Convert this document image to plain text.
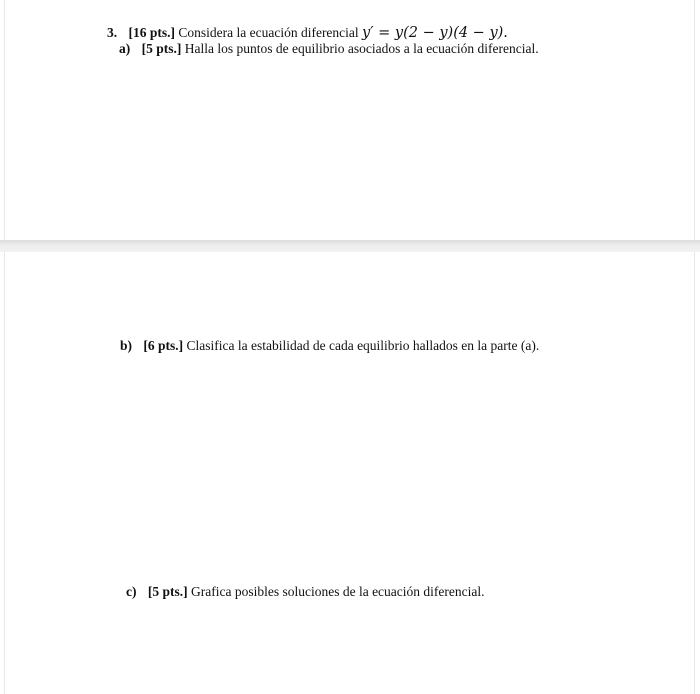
3. [16 pts.] Considera la ecuación diferencial y′ = y(2 − y)(4 − y).
a) [5 pts.] Halla los puntos de equilibrio asociados a la ecuación diferencial.
b) [6 pts.] Clasifica la estabilidad de cada equilibrio hallados en la parte (a).
c) [5 pts.] Grafica posibles soluciones de la ecuación diferencial.
